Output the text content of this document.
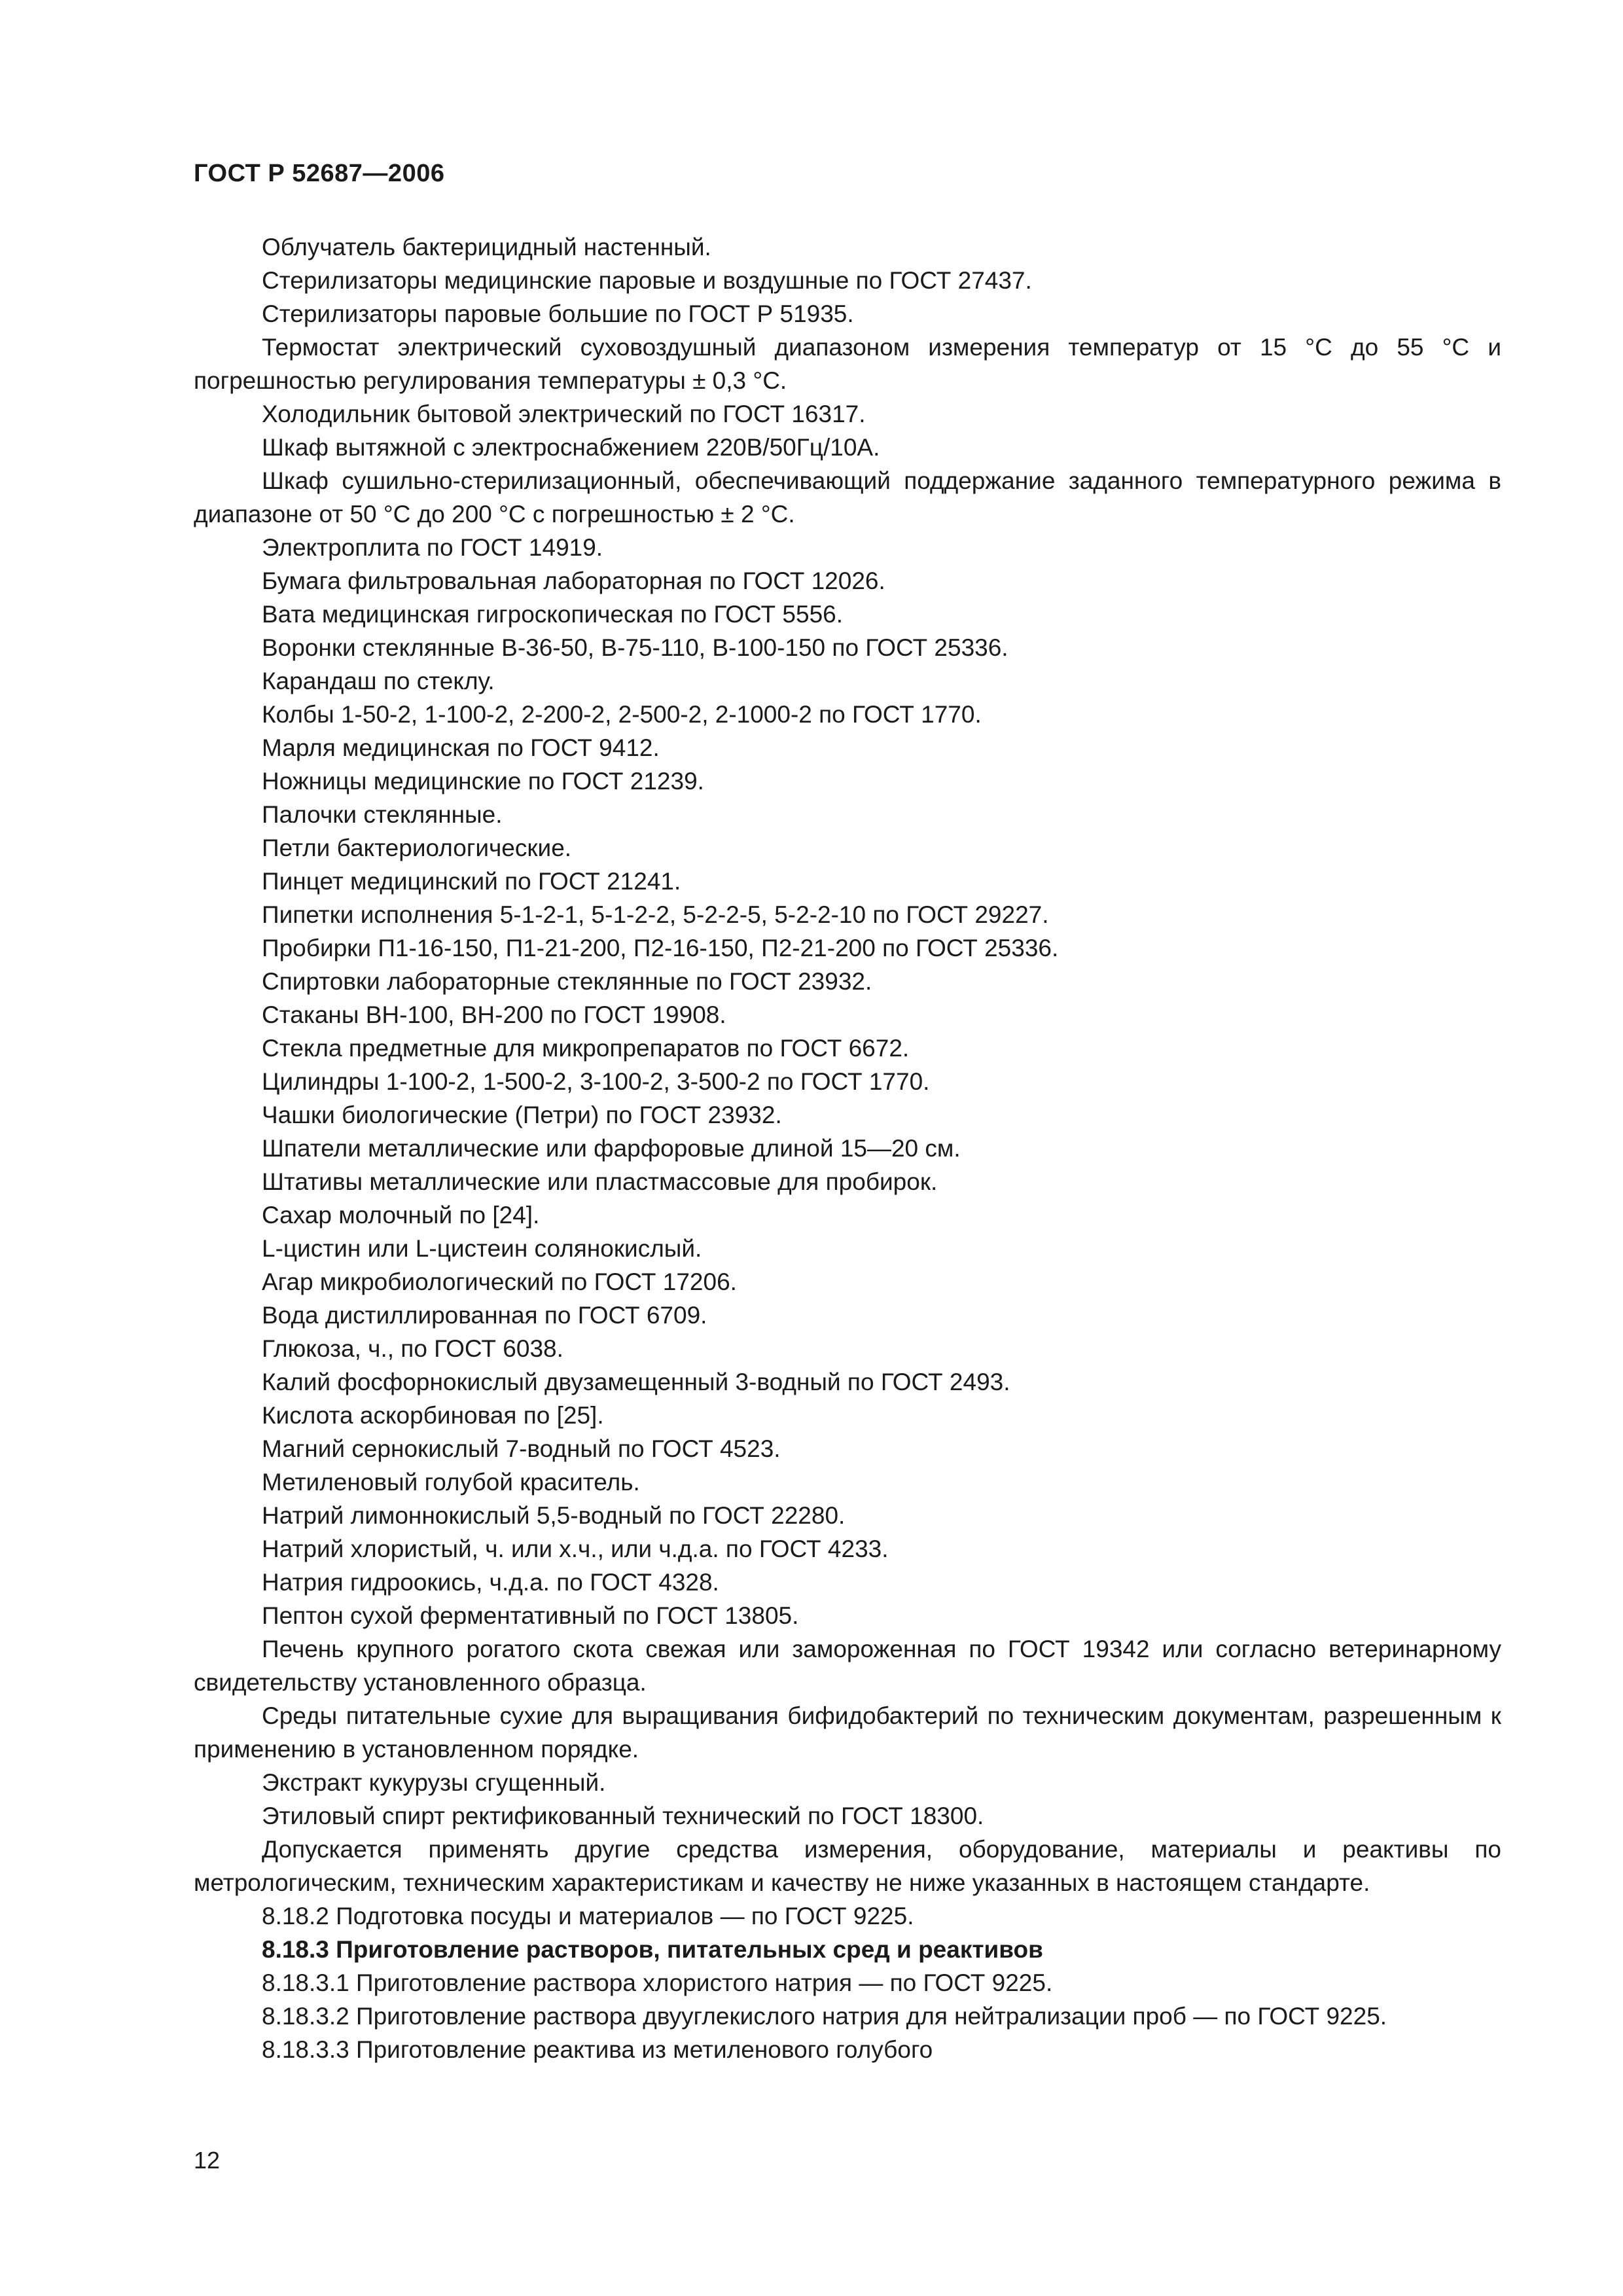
ГОСТ Р 52687—2006

Облучатель бактерицидный настенный.

Стерилизаторы медицинские паровые и воздушные по ГОСТ 27437.

Стерилизаторы паровые большие по ГОСТ Р 51935.

Термостат электрический суховоздушный диапазоном измерения температур от 15 °С до 55 °С и погрешностью регулирования температуры ± 0,3 °С.

Холодильник бытовой электрический по ГОСТ 16317.

Шкаф вытяжной с электроснабжением 220В/50Гц/10А.

Шкаф сушильно-стерилизационный, обеспечивающий поддержание заданного температурного режима в диапазоне от 50 °С до 200 °С с погрешностью ± 2 °С.

Электроплита по ГОСТ 14919.

Бумага фильтровальная лабораторная по ГОСТ 12026.

Вата медицинская гигроскопическая по ГОСТ 5556.

Воронки стеклянные В-36-50, В-75-110, В-100-150 по ГОСТ 25336.

Карандаш по стеклу.

Колбы 1-50-2, 1-100-2, 2-200-2, 2-500-2, 2-1000-2 по ГОСТ 1770.

Марля медицинская по ГОСТ 9412.

Ножницы медицинские по ГОСТ 21239.

Палочки стеклянные.

Петли бактериологические.

Пинцет медицинский по ГОСТ 21241.

Пипетки исполнения 5-1-2-1, 5-1-2-2, 5-2-2-5, 5-2-2-10 по ГОСТ 29227.

Пробирки П1-16-150, П1-21-200, П2-16-150, П2-21-200 по ГОСТ 25336.

Спиртовки лабораторные стеклянные по ГОСТ 23932.

Стаканы ВН-100, ВН-200 по ГОСТ 19908.

Стекла предметные для микропрепаратов по ГОСТ 6672.

Цилиндры 1-100-2, 1-500-2, 3-100-2, 3-500-2 по ГОСТ 1770.

Чашки биологические (Петри) по ГОСТ 23932.

Шпатели металлические или фарфоровые длиной 15—20 см.

Штативы металлические или пластмассовые для пробирок.

Сахар молочный по [24].

L-цистин или L-цистеин солянокислый.

Агар микробиологический по ГОСТ 17206.

Вода дистиллированная по ГОСТ 6709.

Глюкоза, ч., по ГОСТ 6038.

Калий фосфорнокислый двузамещенный 3-водный по ГОСТ 2493.

Кислота аскорбиновая по [25].

Магний сернокислый 7-водный по ГОСТ 4523.

Метиленовый голубой краситель.

Натрий лимоннокислый 5,5-водный по ГОСТ 22280.

Натрий хлористый, ч. или х.ч., или ч.д.а. по ГОСТ 4233.

Натрия гидроокись, ч.д.а. по ГОСТ 4328.

Пептон сухой ферментативный по ГОСТ 13805.

Печень крупного рогатого скота свежая или замороженная по ГОСТ 19342 или согласно ветеринарному свидетельству установленного образца.

Среды питательные сухие для выращивания бифидобактерий по техническим документам, разрешенным к применению в установленном порядке.

Экстракт кукурузы сгущенный.

Этиловый спирт ректификованный технический по ГОСТ 18300.

Допускается применять другие средства измерения, оборудование, материалы и реактивы по метрологическим, техническим характеристикам и качеству не ниже указанных в настоящем стандарте.

8.18.2 Подготовка посуды и материалов — по ГОСТ 9225.

8.18.3 Приготовление растворов, питательных сред и реактивов

8.18.3.1 Приготовление раствора хлористого натрия — по ГОСТ 9225.

8.18.3.2 Приготовление раствора двууглекислого натрия для нейтрализации проб — по ГОСТ 9225.

8.18.3.3 Приготовление реактива из метиленового голубого

12
